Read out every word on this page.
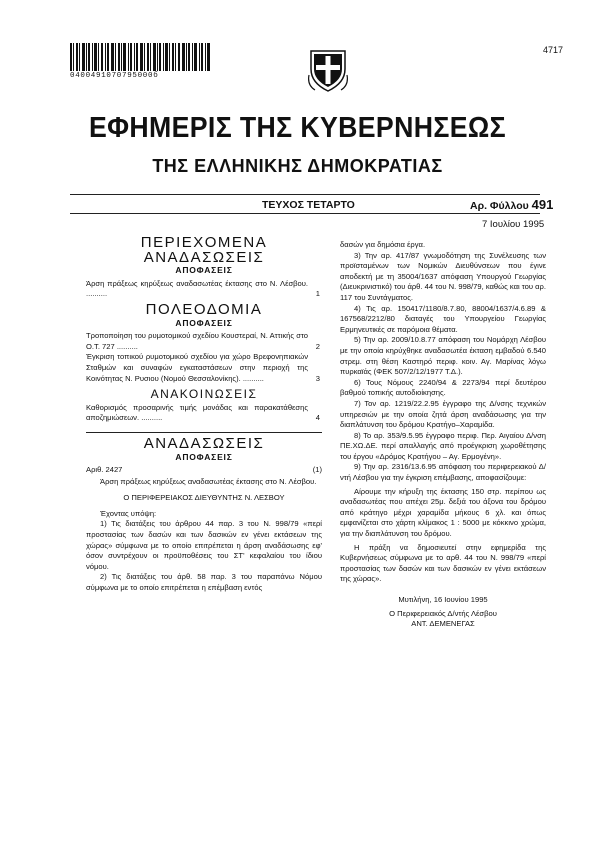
0400491070795000б
4717
ΕΦΗΜΕΡΙΣ ΤΗΣ ΚΥΒΕΡΝΗΣΕΩΣ
ΤΗΣ ΕΛΛΗΝΙΚΗΣ ΔΗΜΟΚΡΑΤΙΑΣ
ΤΕΥΧΟΣ ΤΕΤΑΡΤΟ	Αρ. Φύλλου 491
7 Ιουλίου 1995
ΠΕΡΙΕΧΟΜΕΝΑ
ΑΝΑΔΑΣΩΣΕΙΣ
ΑΠΟΦΑΣΕΙΣ

Άρση πράξεως κηρύξεως αναδασωτέας έκτασης στο Ν. Λέσβου. ..........	1

ΠΟΛΕΟΔΟΜΙΑ
ΑΠΟΦΑΣΕΙΣ

Τροποποίηση του ρυμοτομικού σχεδίου Κουστεραί, Ν. Αττικής στο Ο.Τ. 727 ..........	2

Έγκριση τοπικού ρυμοτομικού σχεδίου για χώρο Βρεφονηπιακών Σταθμών και συναφών εγκαταστάσεων στην περιοχή της Κοινότητας Ν. Ρυσιου (Νομού Θεσσαλονίκης). ..........	3

ΑΝΑΚΟΙΝΩΣΕΙΣ

Καθορισμός προσαρινής τιμής μονάδας και παρακατάθεσης αποζημιώσεων. ..........	4

ΑΝΑΔΑΣΩΣΕΙΣ
ΑΠΟΦΑΣΕΙΣ
Αριθ. 2427	(1)

Άρση πράξεως κηρύξεως αναδασωτέας έκτασης στο Ν. Λέσβου.

Ο ΠΕΡΙΦΕΡΕΙΑΚΟΣ ΔΙΕΥΘΥΝΤΗΣ Ν. ΛΕΣΒΟΥ

Έχοντας υπόψη:

1) Τις διατάξεις του άρθρου 44 παρ. 3 του Ν. 998/79 «περί προστασίας των δασών και των δασικών εν γένει εκτάσεων της χώρας» σύμφωνα με το οποίο επιτρέπεται η άρση αναδάσωσης εφ' όσον συντρέχουν οι προϋποθέσεις του ΣΤ' κεφαλαίου του ίδιου νόμου.

2) Τις διατάξεις του άρθ. 58 παρ. 3 του παραπάνω Νόμου σύμφωνα με το οποίο επιτρέπεται η επέμβαση εντός

δασών για δημόσια έργα.

3) Την αρ. 417/87 γνωμοδότηση της Συνέλευσης των προϊσταμένων των Νομικών Διευθύνσεων που έγινε αποδεκτή με τη 35004/1637 απόφαση Υπουργού Γεωργίας (Διευκρινιστικό) του άρθ. 44 του Ν. 998/79, καθώς και του αρ. 117 του Συντάγματος.

4) Τις αρ. 150417/1180/8.7.80, 88004/1637/4.6.89 & 167568/2212/80 διαταγές του Υπουργείου Γεωργίας Ερμηνευτικές σε παρόμοια θέματα.

5) Την αρ. 2009/10.8.77 απόφαση του Νομάρχη Λέσβου με την οποία κηρύχθηκε αναδασωτέα έκταση εμβαδού 6.540 στρεμ. στη θέση Καστηρό περιφ. κοιν. Αγ. Μαρίνας λόγω πυρκαϊάς (ΦΕΚ 507/2/12/1977 Τ.Δ.).

6) Τους Νόμους 2240/94 & 2273/94 περί δευτέρου βαθμού τοπικής αυτοδιοίκησης.

7) Τον αρ. 1219/22.2.95 έγγραφο της Δ/νσης τεχνικών υπηρεσιών με την οποία ζητά άρση αναδάσωσης για την διαπλάτυνση του δρόμου Κρατήγο–Χαραμίδα.

8) Το αρ. 353/9.5.95 έγγραφο περιφ. Περ. Αιγαίου Δ/νση ΠΕ.ΧΩ.ΔΕ. περί απαλλαγής από προέγκριση χωροθέτησης του έργου «Δρόμος Κρατήγου – Αγ. Ερμογένη».

9) Την αρ. 2316/13.6.95 απόφαση του περιφερειακού Δ/ντή Λέσβου για την έγκριση επέμβασης, αποφασίζουμε:

Αίρουμε την κήρυξη της έκτασης 150 στρ. περίπου ως αναδασωτέας που απέχει 25μ. δεξιά του άξονα του δρόμου από κράτηγο μέχρι χαραμίδα μήκους 6 χλ. και όπως εμφανίζεται στο χάρτη κλίμακος 1 : 5000 με κόκκινο χρώμα, για την διαπλάτυνση του δρόμου.

Η πράξη να δημοσιευτεί στην εφημερίδα της Κυβερνήσεως σύμφωνα με το αρθ. 44 του Ν. 998/79 «περί προστασίας των δασών και των δασικών εν γένει εκτάσεων της χώρας».

Μυτιλήνη, 16 Ιουνίου 1995

Ο Περιφερειακός Δ/ντής Λέσβου

ΑΝΤ. ΔΕΜΕΝΕΓΑΣ
